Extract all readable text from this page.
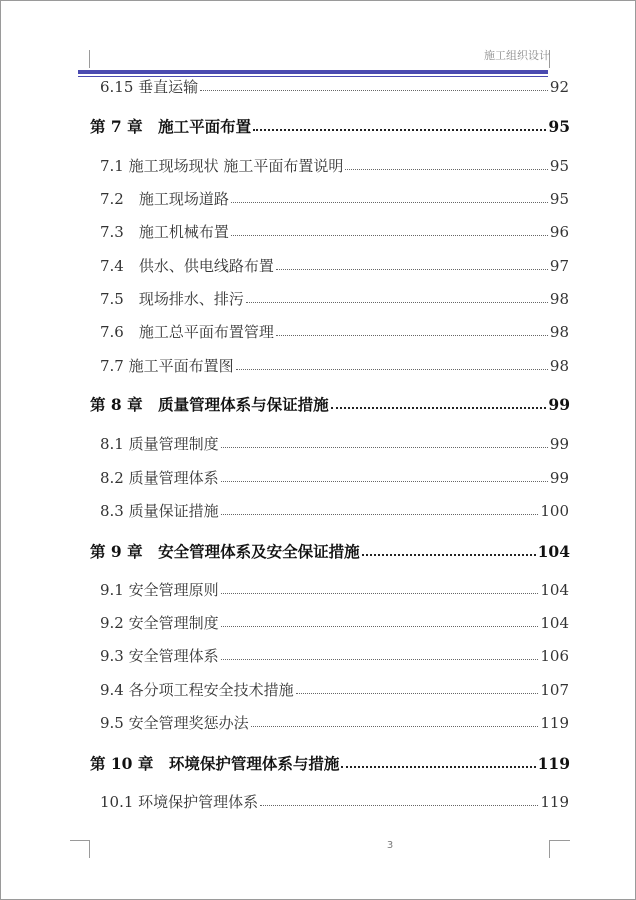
施工组织设计
6.15 垂直运输	92
第 7 章　施工平面布置	95
7.1 施工现场现状 施工平面布置说明	95
7.2　施工现场道路	95
7.3　施工机械布置	96
7.4　供水、供电线路布置	97
7.5　现场排水、排污	98
7.6　施工总平面布置管理	98
7.7 施工平面布置图	98
第 8 章　质量管理体系与保证措施	99
8.1 质量管理制度	99
8.2 质量管理体系	99
8.3 质量保证措施	100
第 9 章　安全管理体系及安全保证措施	104
9.1 安全管理原则	104
9.2 安全管理制度	104
9.3 安全管理体系	106
9.4 各分项工程安全技术措施	107
9.5 安全管理奖惩办法	119
第 10 章　环境保护管理体系与措施	119
10.1 环境保护管理体系	119
3
